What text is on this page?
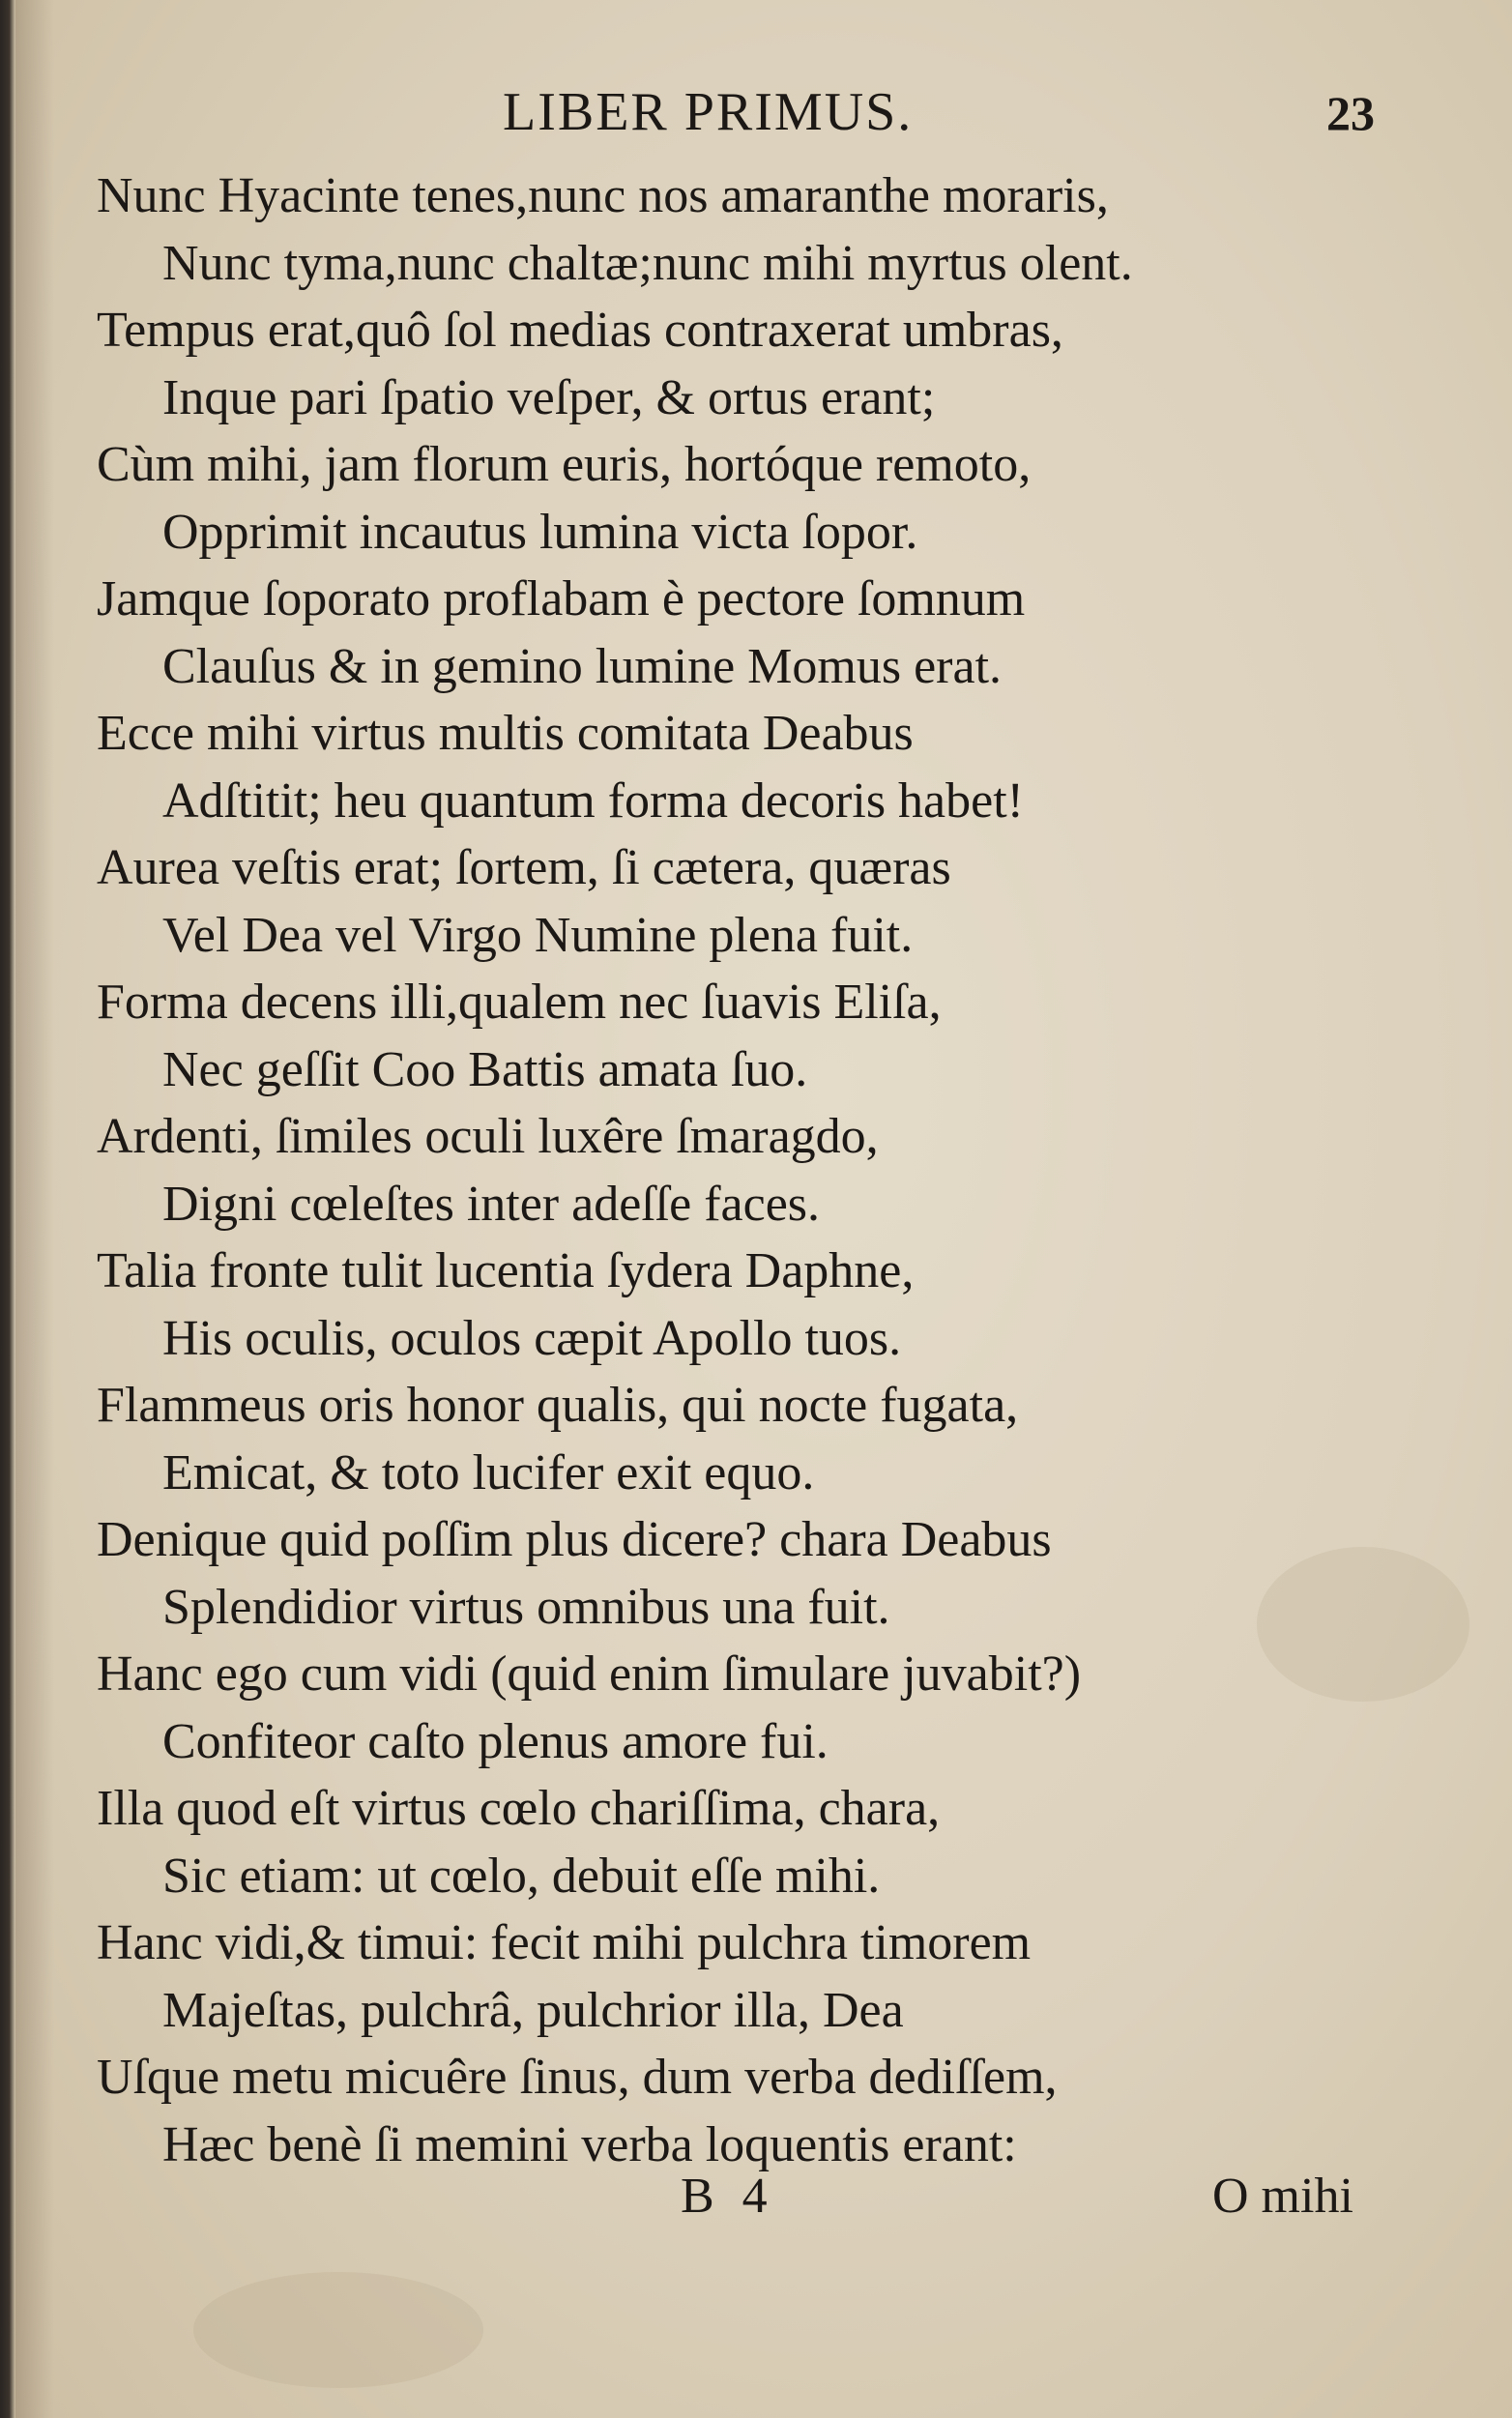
LIBER PRIMUS.	23
Nunc Hyacinte tenes,nunc nos amaranthe moraris,
Nunc tyma,nunc chaltæ;nunc mihi myrtus olent.
Tempus erat,quô ſol medias contraxerat umbras,
Inque pari ſpatio veſper, & ortus erant;
Cùm mihi, jam florum euris, hortóque remoto,
Opprimit incautus lumina victa ſopor.
Jamque ſoporato proflabam è pectore ſomnum
Clauſus & in gemino lumine Momus erat.
Ecce mihi virtus multis comitata Deabus
Adſtitit; heu quantum forma decoris habet!
Aurea veſtis erat; ſortem, ſi cætera, quæras
Vel Dea vel Virgo Numine plena fuit.
Forma decens illi,qualem nec ſuavis Eliſa,
Nec geſſit Coo Battis amata ſuo.
Ardenti, ſimiles oculi luxêre ſmaragdo,
Digni cœleſtes inter adeſſe faces.
Talia fronte tulit lucentia ſydera Daphne,
His oculis, oculos cæpit Apollo tuos.
Flammeus oris honor qualis, qui nocte fugata,
Emicat, & toto lucifer exit equo.
Denique quid poſſim plus dicere? chara Deabus
Splendidior virtus omnibus una fuit.
Hanc ego cum vidi (quid enim ſimulare juvabit?)
Confiteor caſto plenus amore fui.
Illa quod eſt virtus cœlo chariſſima, chara,
Sic etiam: ut cœlo, debuit eſſe mihi.
Hanc vidi,& timui: fecit mihi pulchra timorem
Majeſtas, pulchrâ, pulchrior illa, Dea
Uſque metu micuêre ſinus, dum verba dediſſem,
Hæc benè ſi memini verba loquentis erant:
B 4	O mihi
